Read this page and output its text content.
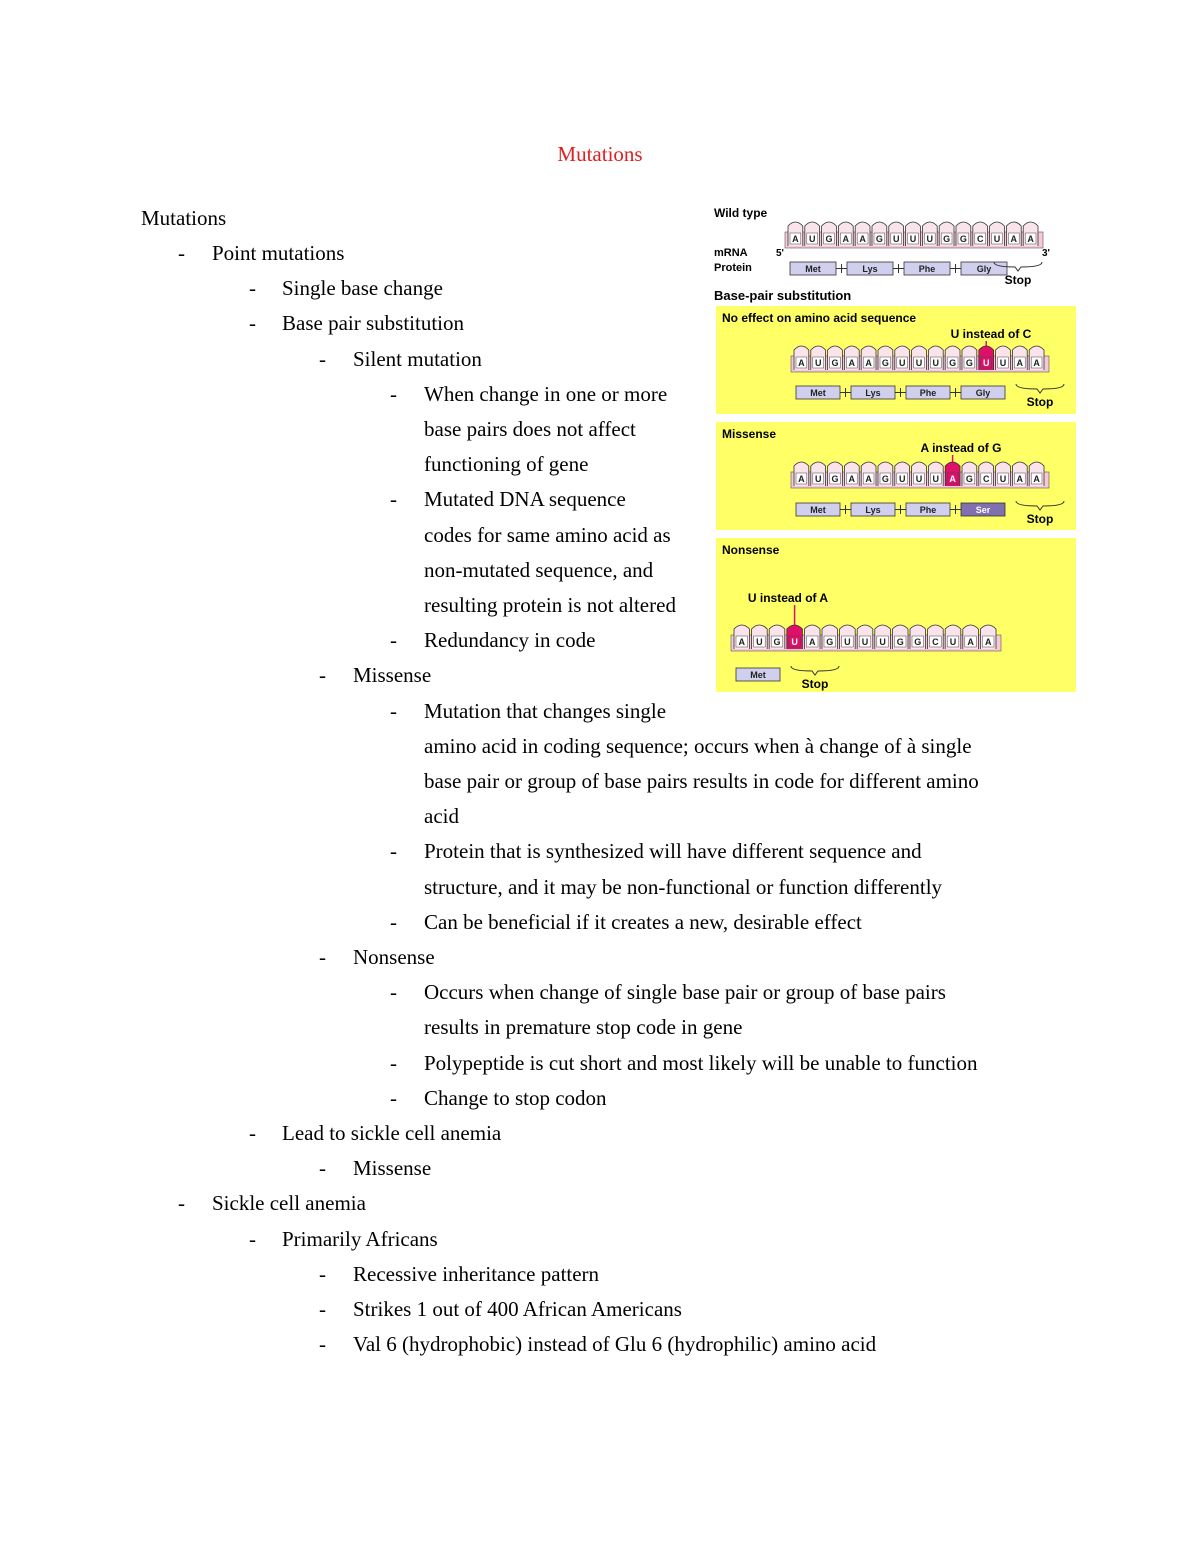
Mutations
Mutations
- Point mutations
- Single base change
- Base pair substitution
- Silent mutation
- When change in one or more
base pairs does not affect
functioning of gene
- Mutated DNA sequence
codes for same amino acid as
non-mutated sequence, and
resulting protein is not altered
- Redundancy in code
- Missense
- Mutation that changes single
amino acid in coding sequence; occurs when à change of à single
base pair or group of base pairs results in code for different amino
acid
- Protein that is synthesized will have different sequence and
structure, and it may be non-functional or function differently
- Can be beneficial if it creates a new, desirable effect
- Nonsense
- Occurs when change of single base pair or group of base pairs
results in premature stop code in gene
- Polypeptide is cut short and most likely will be unable to function
- Change to stop codon
- Lead to sickle cell anemia
- Missense
- Sickle cell anemia
- Primarily Africans
- Recessive inheritance pattern
- Strikes 1 out of 400 African Americans
- Val 6 (hydrophobic) instead of Glu 6 (hydrophilic) amino acid
Wild type
mRNA
Protein
5'	3'
A U G A A G U U U G G C U A A
Met	Lys	Phe	Gly
Stop
Base-pair substitution
No effect on amino acid sequence
U instead of C
A U G A A G U U U G G U U A A
Met	Lys	Phe	Gly
Stop
Missense
A instead of G
A U G A A G U U U A G C U A A
Met	Lys	Phe	Ser
Stop
Nonsense
U instead of A
A U G U A G U U U G G C U A A
Met
Stop
